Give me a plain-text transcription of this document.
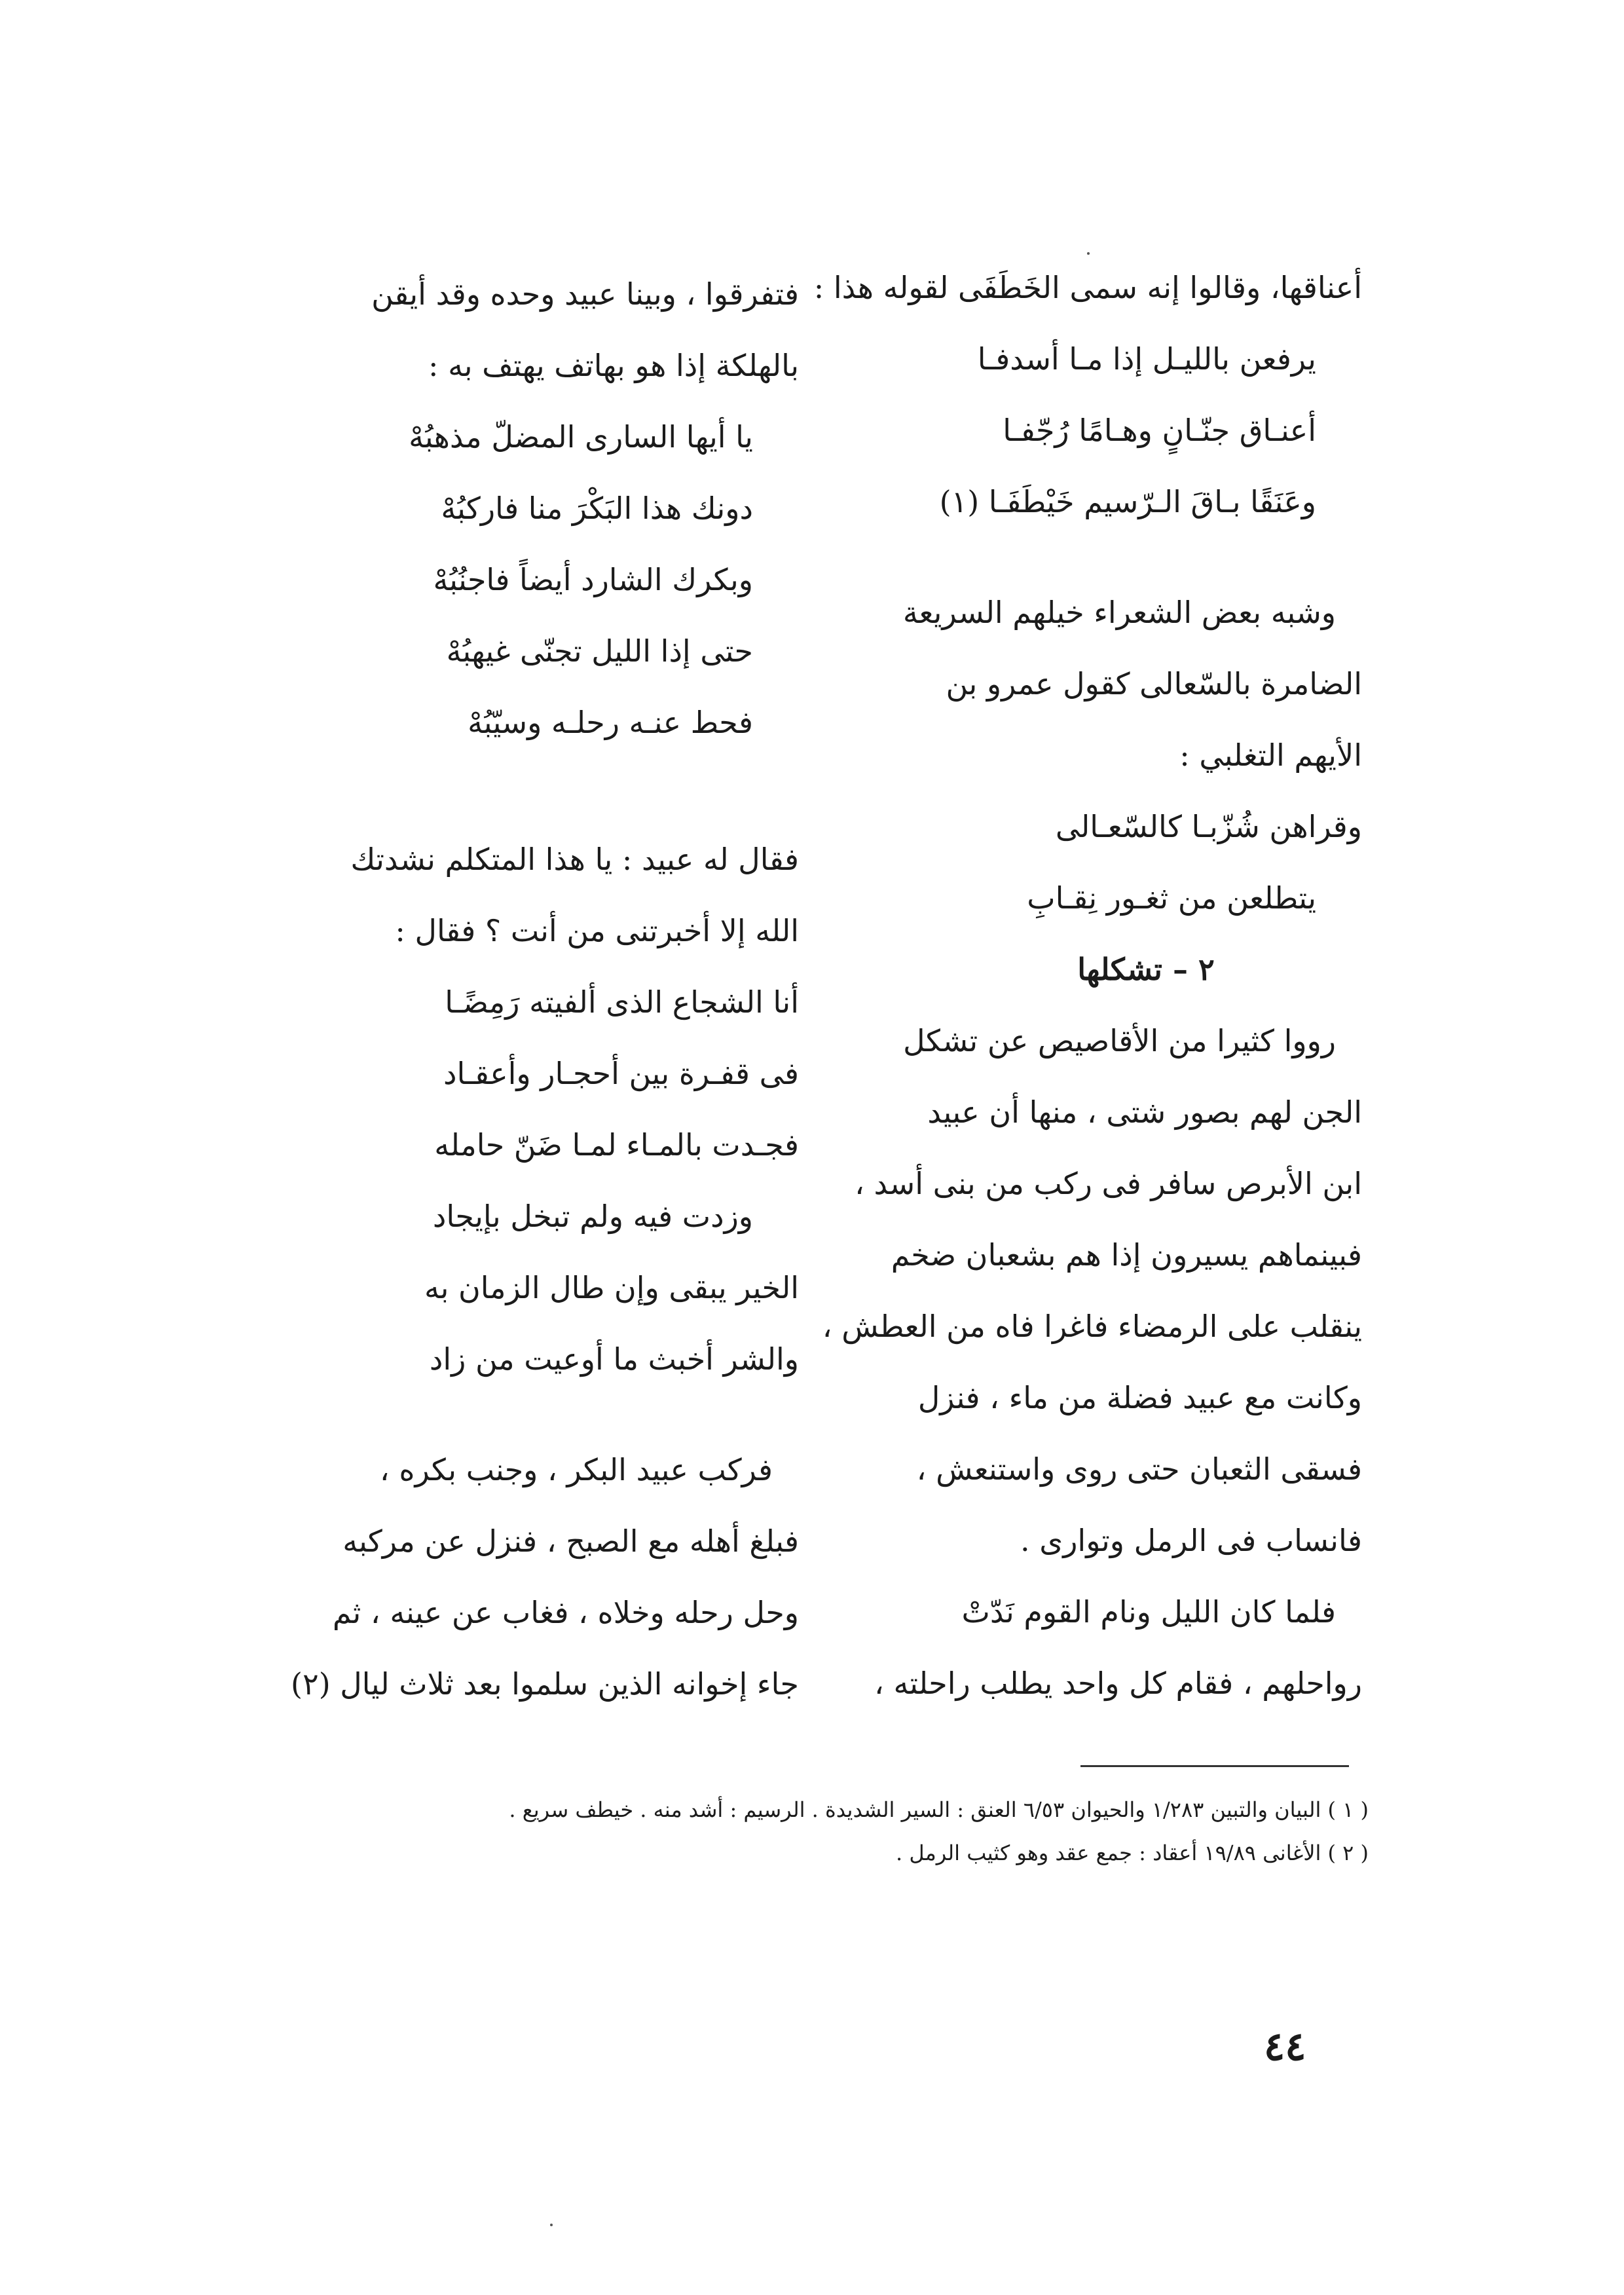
أعناقها، وقالوا إنه سمى الخَطَفَى لقوله هذا :

يرفعن بالليـل إذا مـا أسدفـا

أعنـاق جنّـانٍ وهـامًا رُجّفـا

وعَنَقًا بـاقَ الـرّسيم خَيْطَفَـا (١)

وشبه بعض الشعراء خيلهم السريعة

الضامرة بالسّعالى كقول عمرو بن

الأيهم التغلبي :

وقراهن شُزّبـا كالسّعـالى

يتطلعن من ثغـور نِقـابِ

٢ – تشكلها

رووا كثيرا من الأقاصيص عن تشكل

الجن لهم بصور شتى ، منها أن عبيد

ابن الأبرص سافر فى ركب من بنى أسد ،

فبينماهم يسيرون إذا هم بشعبان ضخم

ينقلب على الرمضاء فاغرا فاه من العطش ،

وكانت مع عبيد فضلة من ماء ، فنزل

فسقى الثعبان حتى روى واستنعش ،

فانساب فى الرمل وتوارى .

فلما كان الليل ونام القوم نَدّتْ

رواحلهم ، فقام كل واحد يطلب راحلته ،

فتفرقوا ، وبينا عبيد وحده وقد أيقن

بالهلكة إذا هو بهاتف يهتف به :

يا أيها السارى المضلّ مذهبُهْ

دونك هذا البَكْرَ منا فاركبُهْ

وبكرك الشارد أيضاً فاجنُبُهْ

حتى إذا الليل تجنّى غيهبُهْ

فحط عنـه رحلـه وسيّبُهْ

فقال له عبيد : يا هذا المتكلم نشدتك

الله إلا أخبرتنى من أنت ؟ فقال :

أنا الشجاع الذى ألفيته رَمِضًـا

فى قفـرة بين أحجـار وأعقـاد

فجـدت بالمـاء لمـا ضَنّ حامله

وزدت فيه ولم تبخل بإيجاد

الخير يبقى وإن طال الزمان به

والشر أخبث ما أوعيت من زاد

فركب عبيد البكر ، وجنب بكره ،

فبلغ أهله مع الصبح ، فنزل عن مركبه

وحل رحله وخلاه ، فغاب عن عينه ، ثم

جاء إخوانه الذين سلموا بعد ثلاث ليال (٢)

( ١ ) البيان والتبين ١/٢٨٣ والحيوان ٦/٥٣ العنق : السير الشديدة . الرسيم : أشد منه . خيطف سريع .

( ٢ ) الأغانى ١٩/٨٩ أعقاد : جمع عقد وهو كثيب الرمل .

٤٤
